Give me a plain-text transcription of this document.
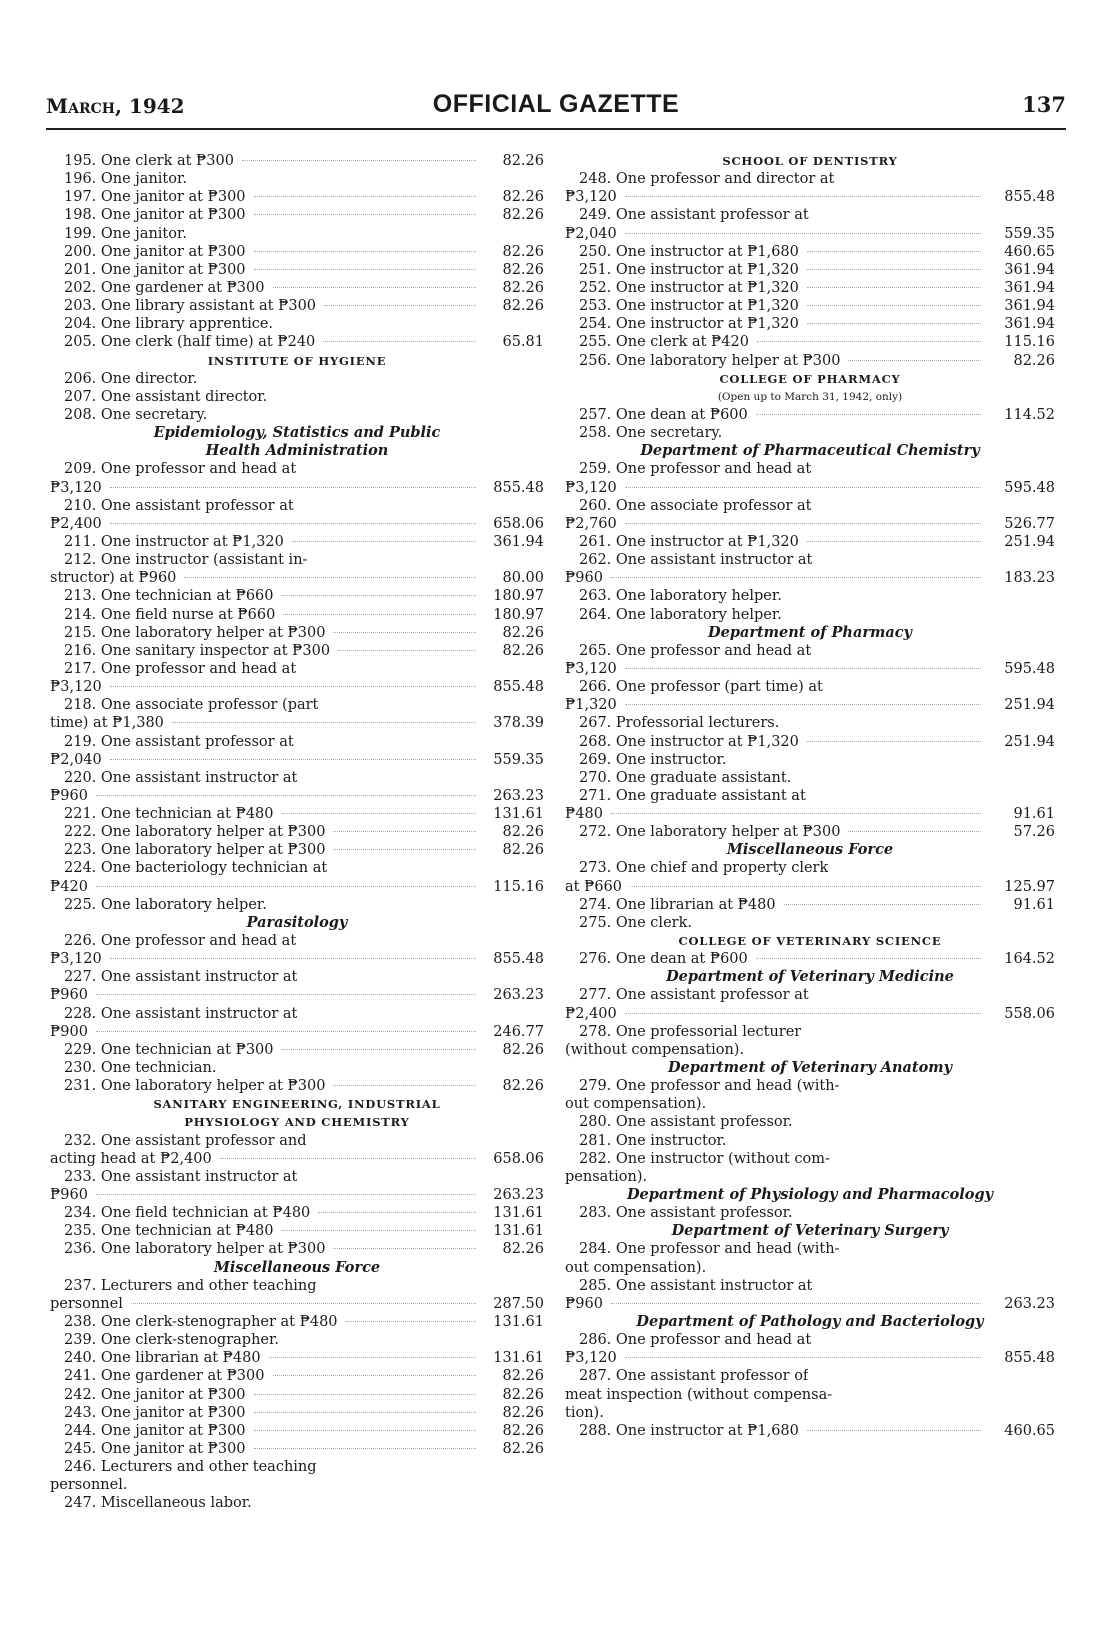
March, 1942	OFFICIAL GAZETTE	137
195. One clerk at ₱300	82.26
196. One janitor.
197. One janitor at ₱300	82.26
198. One janitor at ₱300	82.26
199. One janitor.
200. One janitor at ₱300	82.26
201. One janitor at ₱300	82.26
202. One gardener at ₱300	82.26
203. One library assistant at ₱300	82.26
204. One library apprentice.
205. One clerk (half time) at ₱240	65.81
INSTITUTE OF HYGIENE
206. One director.
207. One assistant director.
208. One secretary.
Epidemiology, Statistics and Public
Health Administration
209. One professor and head at
₱3,120	855.48
210. One assistant professor at
₱2,400	658.06
211. One instructor at ₱1,320	361.94
212. One instructor (assistant in-
structor) at ₱960	80.00
213. One technician at ₱660	180.97
214. One field nurse at ₱660	180.97
215. One laboratory helper at ₱300	82.26
216. One sanitary inspector at ₱300	82.26
217. One professor and head at
₱3,120	855.48
218. One associate professor (part
time) at ₱1,380	378.39
219. One assistant professor at
₱2,040	559.35
220. One assistant instructor at
₱960	263.23
221. One technician at ₱480	131.61
222. One laboratory helper at ₱300	82.26
223. One laboratory helper at ₱300	82.26
224. One bacteriology technician at
₱420	115.16
225. One laboratory helper.
Parasitology
226. One professor and head at
₱3,120	855.48
227. One assistant instructor at
₱960	263.23
228. One assistant instructor at
₱900	246.77
229. One technician at ₱300	82.26
230. One technician.
231. One laboratory helper at ₱300	82.26
SANITARY ENGINEERING, INDUSTRIAL
PHYSIOLOGY AND CHEMISTRY
232. One assistant professor and
acting head at ₱2,400	658.06
233. One assistant instructor at
₱960	263.23
234. One field technician at ₱480	131.61
235. One technician at ₱480	131.61
236. One laboratory helper at ₱300	82.26
Miscellaneous Force
237. Lecturers and other teaching
personnel	287.50
238. One clerk-stenographer at ₱480	131.61
239. One clerk-stenographer.
240. One librarian at ₱480	131.61
241. One gardener at ₱300	82.26
242. One janitor at ₱300	82.26
243. One janitor at ₱300	82.26
244. One janitor at ₱300	82.26
245. One janitor at ₱300	82.26
246. Lecturers and other teaching
personnel.
247. Miscellaneous labor.
SCHOOL OF DENTISTRY
248. One professor and director at
₱3,120	855.48
249. One assistant professor at
₱2,040	559.35
250. One instructor at ₱1,680	460.65
251. One instructor at ₱1,320	361.94
252. One instructor at ₱1,320	361.94
253. One instructor at ₱1,320	361.94
254. One instructor at ₱1,320	361.94
255. One clerk at ₱420	115.16
256. One laboratory helper at ₱300	82.26
COLLEGE OF PHARMACY
(Open up to March 31, 1942, only)
257. One dean at ₱600	114.52
258. One secretary.
Department of Pharmaceutical Chemistry
259. One professor and head at
₱3,120	595.48
260. One associate professor at
₱2,760	526.77
261. One instructor at ₱1,320	251.94
262. One assistant instructor at
₱960	183.23
263. One laboratory helper.
264. One laboratory helper.
Department of Pharmacy
265. One professor and head at
₱3,120	595.48
266. One professor (part time) at
₱1,320	251.94
267. Professorial lecturers.
268. One instructor at ₱1,320	251.94
269. One instructor.
270. One graduate assistant.
271. One graduate assistant at
₱480	91.61
272. One laboratory helper at ₱300	57.26
Miscellaneous Force
273. One chief and property clerk
at ₱660	125.97
274. One librarian at ₱480	91.61
275. One clerk.
COLLEGE OF VETERINARY SCIENCE
276. One dean at ₱600	164.52
Department of Veterinary Medicine
277. One assistant professor at
₱2,400	558.06
278. One professorial lecturer
(without compensation).
Department of Veterinary Anatomy
279. One professor and head (with-
out compensation).
280. One assistant professor.
281. One instructor.
282. One instructor (without com-
pensation).
Department of Physiology and Pharmacology
283. One assistant professor.
Department of Veterinary Surgery
284. One professor and head (with-
out compensation).
285. One assistant instructor at
₱960	263.23
Department of Pathology and Bacteriology
286. One professor and head at
₱3,120	855.48
287. One assistant professor of
meat inspection (without compensa-
tion).
288. One instructor at ₱1,680	460.65
